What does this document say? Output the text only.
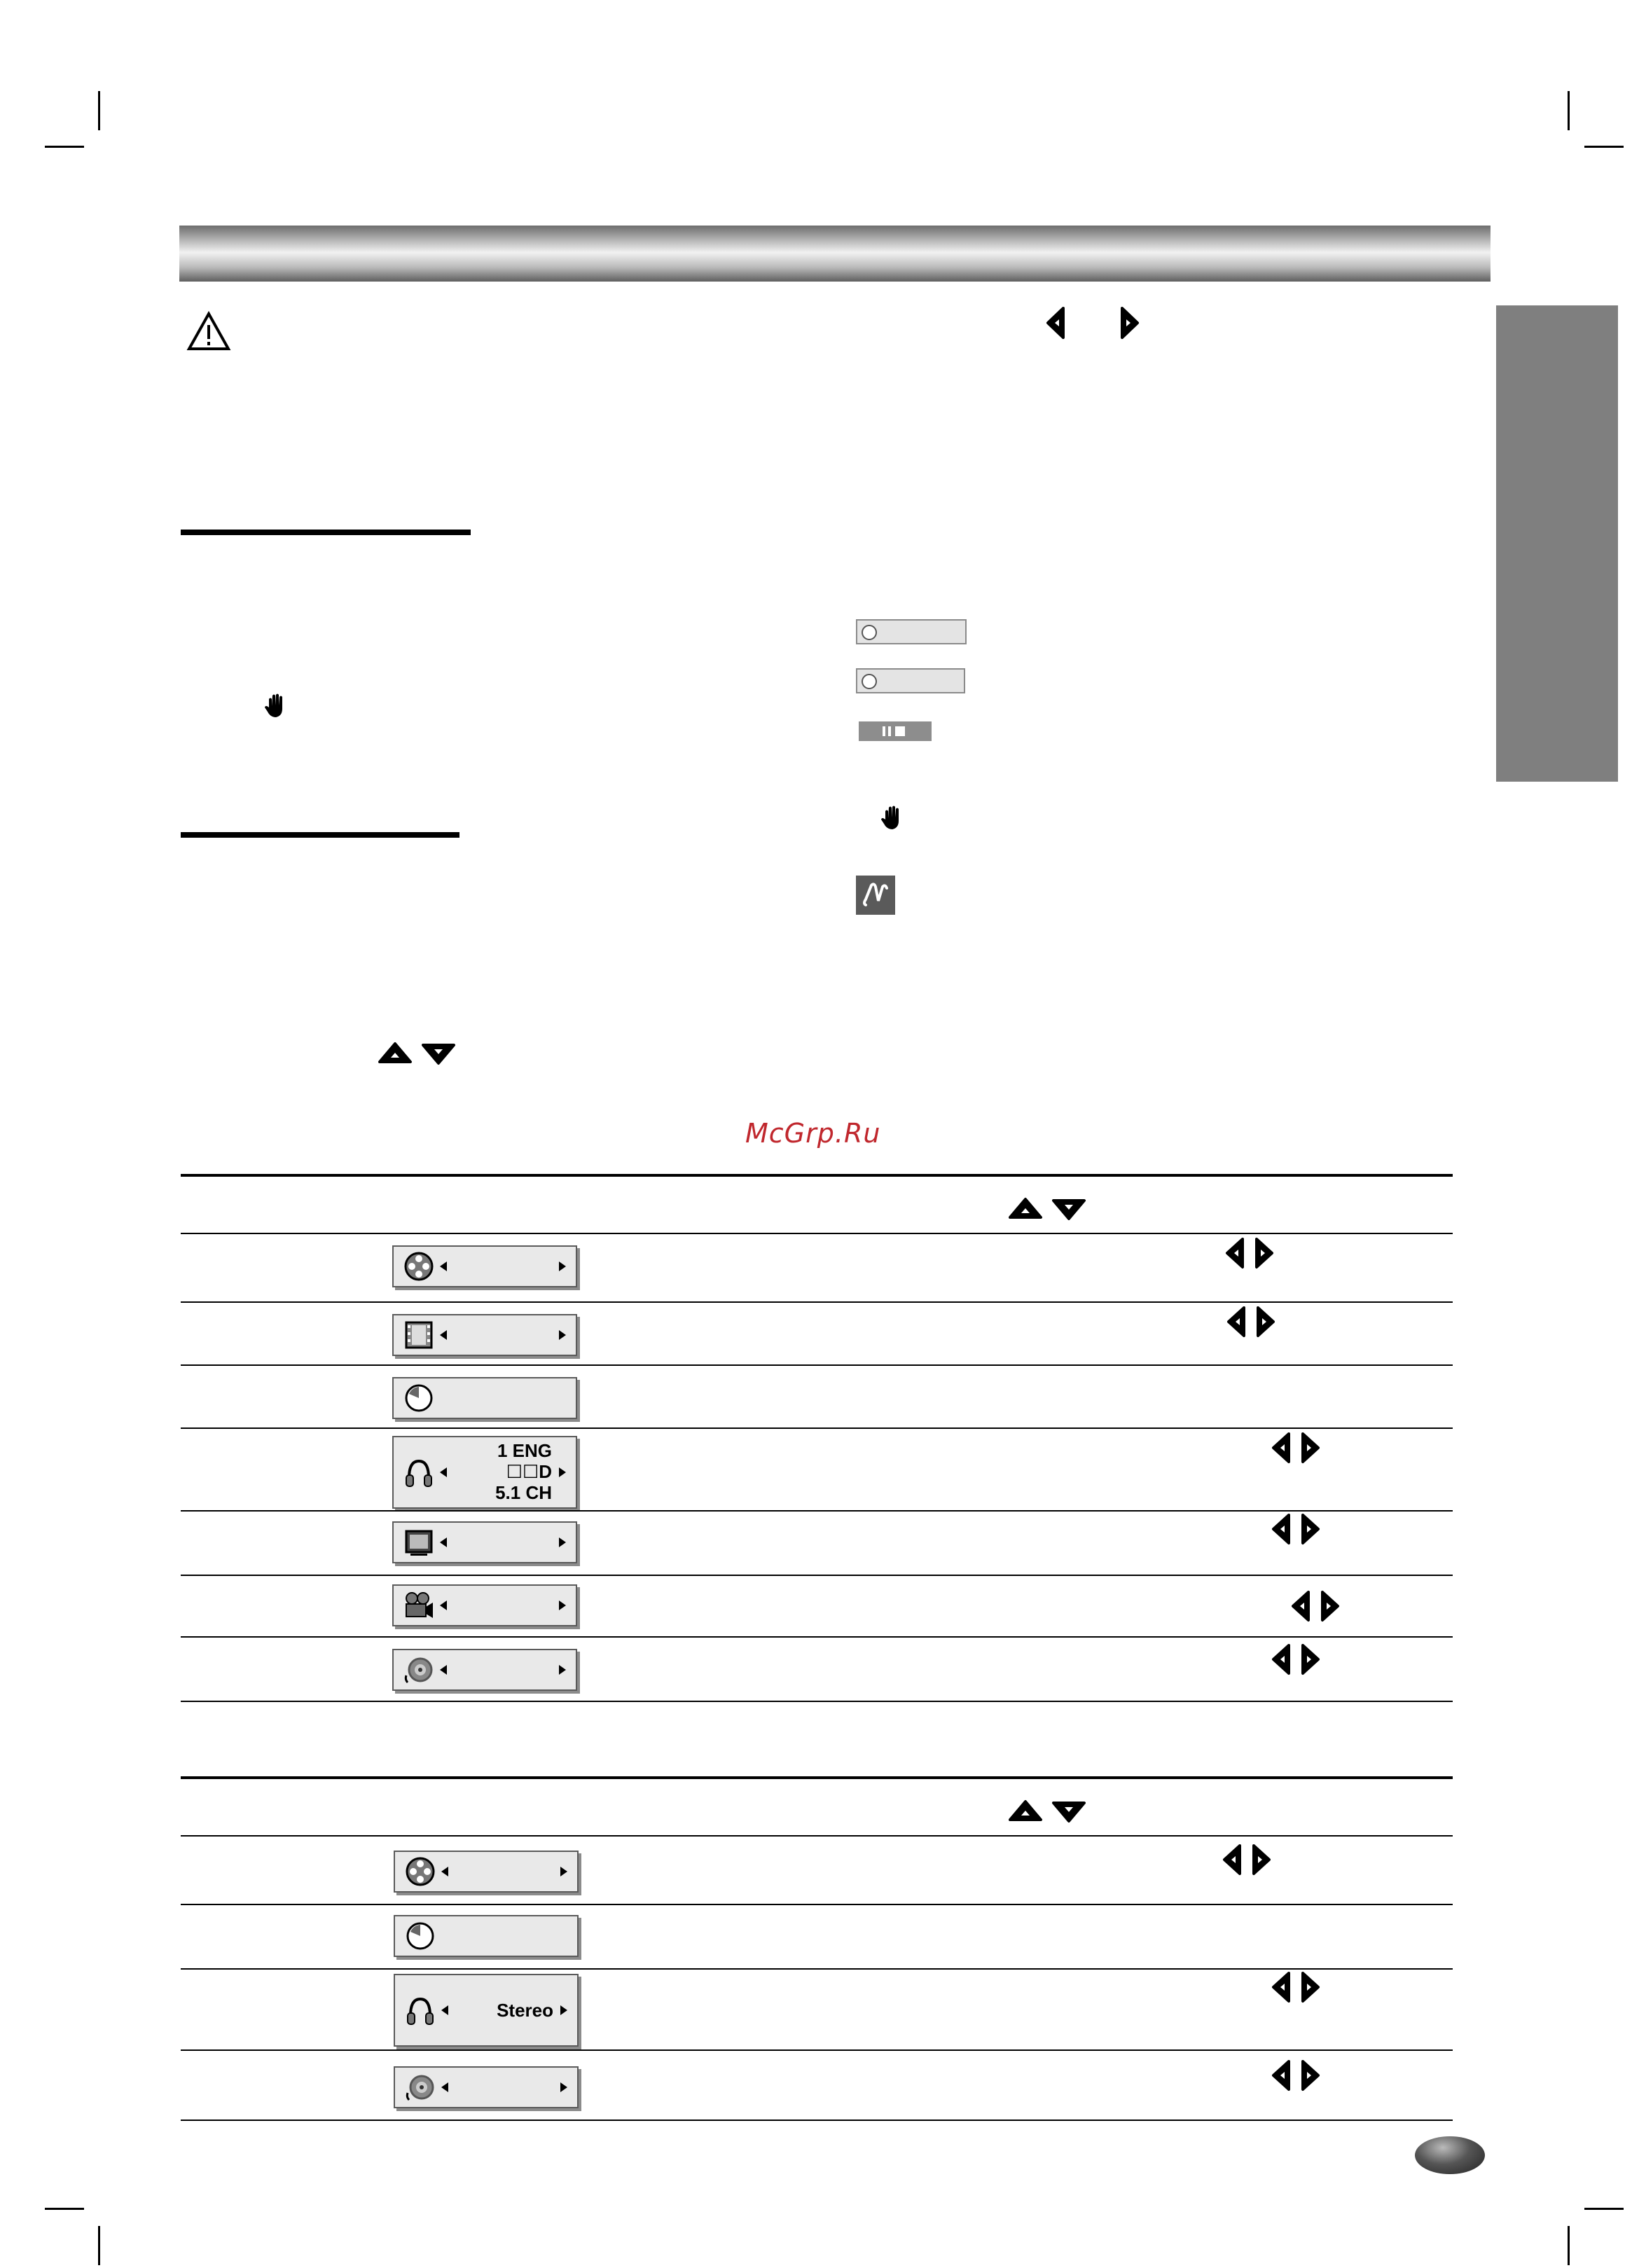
McGrp.Ru
1 ENG
☐☐D
5.1 CH
Stereo
